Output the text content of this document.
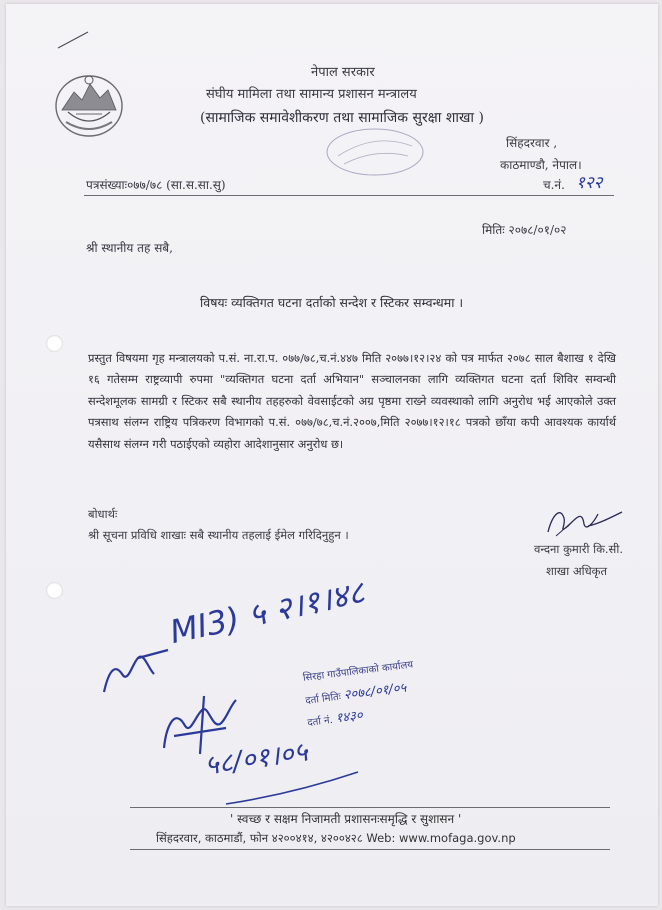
नेपाल सरकार
संघीय मामिला तथा सामान्य प्रशासन मन्त्रालय
(सामाजिक समावेशीकरण तथा सामाजिक सुरक्षा शाखा )
सिंहदरवार ,
काठमाण्डौ, नेपाल।
पत्रसंख्याः०७७/७८ (सा.स.सा.सु)	च.नं. १२२
मितिः २०७८/०१/०२
श्री स्थानीय तह सबै,
विषयः व्यक्तिगत घटना दर्ताको सन्देश र स्टिकर सम्वन्धमा ।
प्रस्तुत विषयमा गृह मन्त्रालयको प.सं. ना.रा.प. ०७७/७८,च.नं.४४७ मिति २०७७।१२।२४ को पत्र मार्फत २०७८ साल बैशाख १ देखि १६ गतेसम्म राष्ट्रव्यापी रुपमा "व्यक्तिगत घटना दर्ता अभियान" सञ्चालनका लागि व्यक्तिगत घटना दर्ता शिविर सम्वन्धी सन्देशमूलक सामग्री र स्टिकर सबै स्थानीय तहहरुको वेवसाईटको अग्र पृष्ठमा राख्ने व्यवस्थाको लागि अनुरोध भई आएकोले उक्त पत्रसाथ संलग्न राष्ट्रिय पत्रिकरण विभागको प.सं. ०७७/७८,च.नं.२००७,मिति २०७७।१२।१८ पत्रको छाँया कपी आवश्यक कार्यार्थ यसैसाथ संलग्न गरी पठाईएको व्यहोरा आदेशानुसार अनुरोध छ।
बोधार्थः
श्री सूचना प्रविधि शाखाः सबै स्थानीय तहलाई ईमेल गरिदिनुहुन ।
वन्दना कुमारी कि.सी.
शाखा अधिकृत
MI3) ५ २।१।४८
५८/०१।०५
सिरहा गाउँपालिकाको कार्यालय
दर्ता मितिः २०७८/०१/०५
दर्ता नं. १४३०
' स्वच्छ र सक्षम निजामती प्रशासनःसमृद्धि र सुशासन '
सिंहदरवार, काठमाडौं, फोन ४२००४१४, ४२००४२८ Web: www.mofaga.gov.np
